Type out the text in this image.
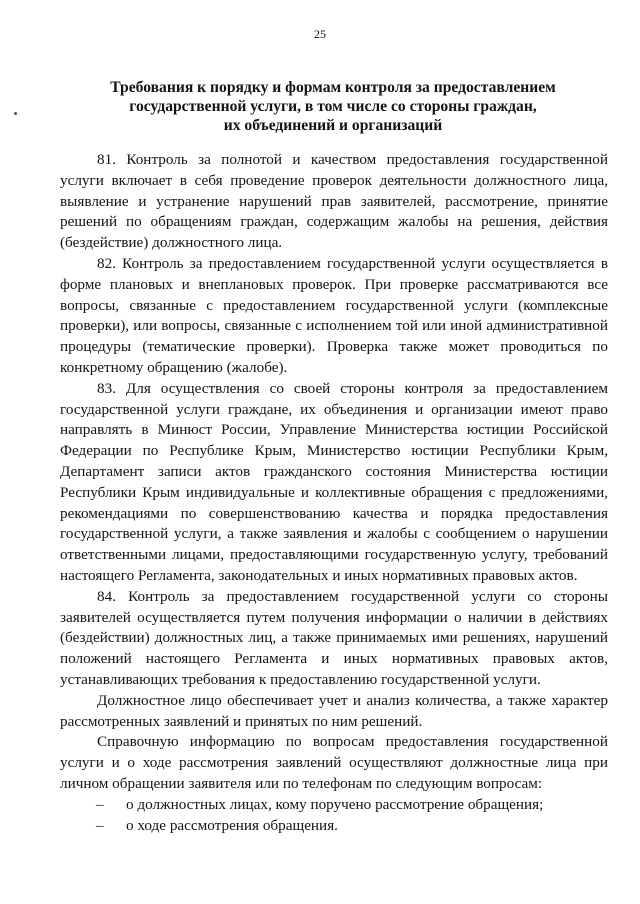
25
Требования к порядку и формам контроля за предоставлением
государственной услуги, в том числе со стороны граждан,
их объединений и организаций

81. Контроль за полнотой и качеством предоставления государственной услуги включает в себя проведение проверок деятельности должностного лица, выявление и устранение нарушений прав заявителей, рассмотрение, принятие решений по обращениям граждан, содержащим жалобы на решения, действия (бездействие) должностного лица.

82. Контроль за предоставлением государственной услуги осуществляется в форме плановых и внеплановых проверок. При проверке рассматриваются все вопросы, связанные с предоставлением государственной услуги (комплексные проверки), или вопросы, связанные с исполнением той или иной административной процедуры (тематические проверки). Проверка также может проводиться по конкретному обращению (жалобе).

83. Для осуществления со своей стороны контроля за предоставлением государственной услуги граждане, их объединения и организации имеют право направлять в Минюст России, Управление Министерства юстиции Российской Федерации по Республике Крым, Министерство юстиции Республики Крым, Департамент записи актов гражданского состояния Министерства юстиции Республики Крым индивидуальные и коллективные обращения с предложениями, рекомендациями по совершенствованию качества и порядка предоставления государственной услуги, а также заявления и жалобы с сообщением о нарушении ответственными лицами, предоставляющими государственную услугу, требований настоящего Регламента, законодательных и иных нормативных правовых актов.

84. Контроль за предоставлением государственной услуги со стороны заявителей осуществляется путем получения информации о наличии в действиях (бездействии) должностных лиц, а также принимаемых ими решениях, нарушений положений настоящего Регламента и иных нормативных правовых актов, устанавливающих требования к предоставлению государственной услуги.

Должностное лицо обеспечивает учет и анализ количества, а также характер рассмотренных заявлений и принятых по ним решений.

Справочную информацию по вопросам предоставления государственной услуги и о ходе рассмотрения заявлений осуществляют должностные лица при личном обращении заявителя или по телефонам по следующим вопросам:

–	о должностных лицах, кому поручено рассмотрение обращения;
–	о ходе рассмотрения обращения.
